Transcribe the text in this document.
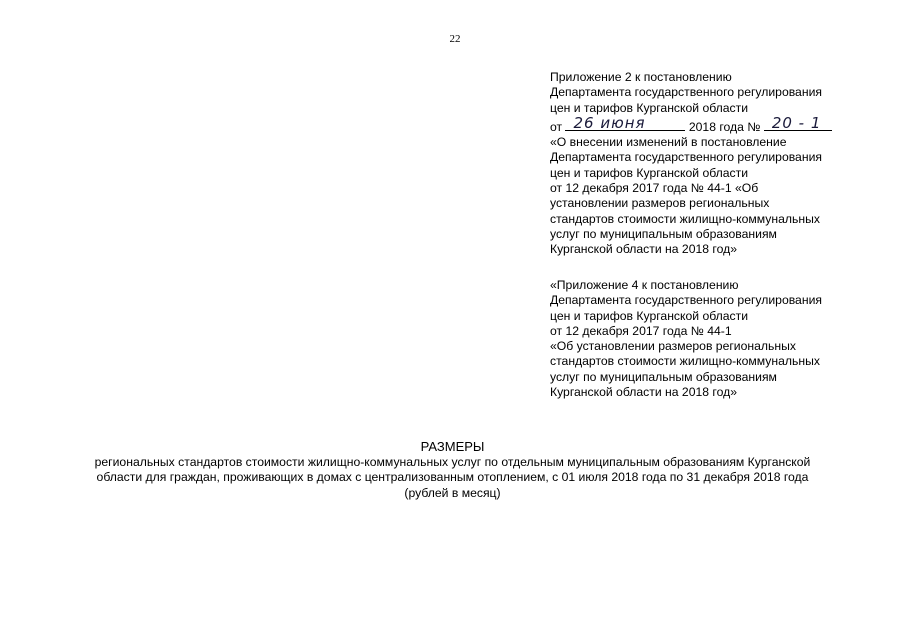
22
Приложение 2 к постановлению
Департамента государственного регулирования
цен и тарифов Курганской области
от 26 июня	2018 года № 20 - 1
«О внесении изменений в постановление
Департамента государственного регулирования
цен и тарифов Курганской области
от 12 декабря 2017 года № 44-1 «Об
установлении размеров региональных
стандартов стоимости жилищно-коммунальных
услуг по муниципальным образованиям
Курганской области на 2018 год»
«Приложение 4 к постановлению
Департамента государственного регулирования
цен и тарифов Курганской области
от 12 декабря 2017 года № 44-1
«Об установлении размеров региональных
стандартов стоимости жилищно-коммунальных
услуг по муниципальным образованиям
Курганской области на 2018 год»
РАЗМЕРЫ
региональных стандартов стоимости жилищно-коммунальных услуг по отдельным муниципальным образованиям Курганской
области для граждан, проживающих в домах с централизованным отоплением, с 01 июля 2018 года по 31 декабря 2018 года
(рублей в месяц)
